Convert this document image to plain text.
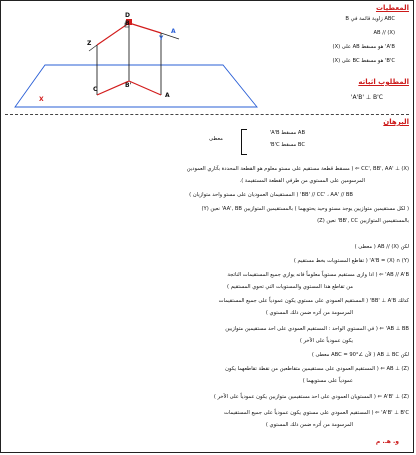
D
B
Z
A
Y
C
B'
A
X
المعطيات
ABC زاوية قائمة في B
AB // (X)
A'B' هو مسقط AB على (X)
B'C' هو مسقط BC على (X)
المطلوب اثباته
A'B' ⊥ B'C'
البرهان
AB مسقط A'B'
BC مسقط B'C'
معطى
CC', BB', AA' ⊥ (X) ⇐ ( مسقط قطعة مستقيم على مستو معلوم هو القطعة المحددة بآثاري العمودين
المرسومين على المستوي من طرفي القطعة المستقيمة ).
BB' // CC' ، AA' // BB' ( المستقيمان العموديان على مستو واحد متوازيان )
( لكل مستقيمين متوازيين يوجد مستو وحيد يحتويهما ) بالمستقيمين المتوازيين AA', BB' نعين (Y)
بالمستقيمين المتوازيين BB', CC' نعين (Z)
لكن AB // (X) ( معطى )
(Y) ∩ (X) = A'B' ( تقاطع المستويات بخط مستقيم )
AB // A'B' ⇐ ( اذا وازى مستقيم مستوياً معلوماً فانه يوازي جميع المستقيمات الناتجة
من تقاطع هذا المستوي والمستويات التي تحوي المستقيم )
كذلك BB' ⊥ A'B' ( المستقيم العمودي على مستوي يكون عمودياً على جميع المستقيمات
المرسومة من أثره ضمن ذلك المستوي )
AB ⊥ BB' ⇐ ( في المستوي الواحد : المستقيم العمودي على احد مستقيمين متوازيين
يكون عمودياً على الآخر )
لكن AB ⊥ BC ( لأن ∠ABC = 90° معطى )
AB ⊥ (Z) ⇐ ( المستقيم العمودي على مستقيمين متقاطعين من نقطة تقاطعهما يكون
عمودياً على مستويهما )
A'B' ⊥ (Z) ⇐ ( المستويان العمودي على احد مستقيمين متوازيين يكون عمودياً على الآخر )
A'B' ⊥ B'C' ⇐ ( المستقيم العمودي على مستوي يكون عمودياً على جميع المستقيمات
المرسومة من أثره ضمن ذلك المستوي )
و. هـ. م
